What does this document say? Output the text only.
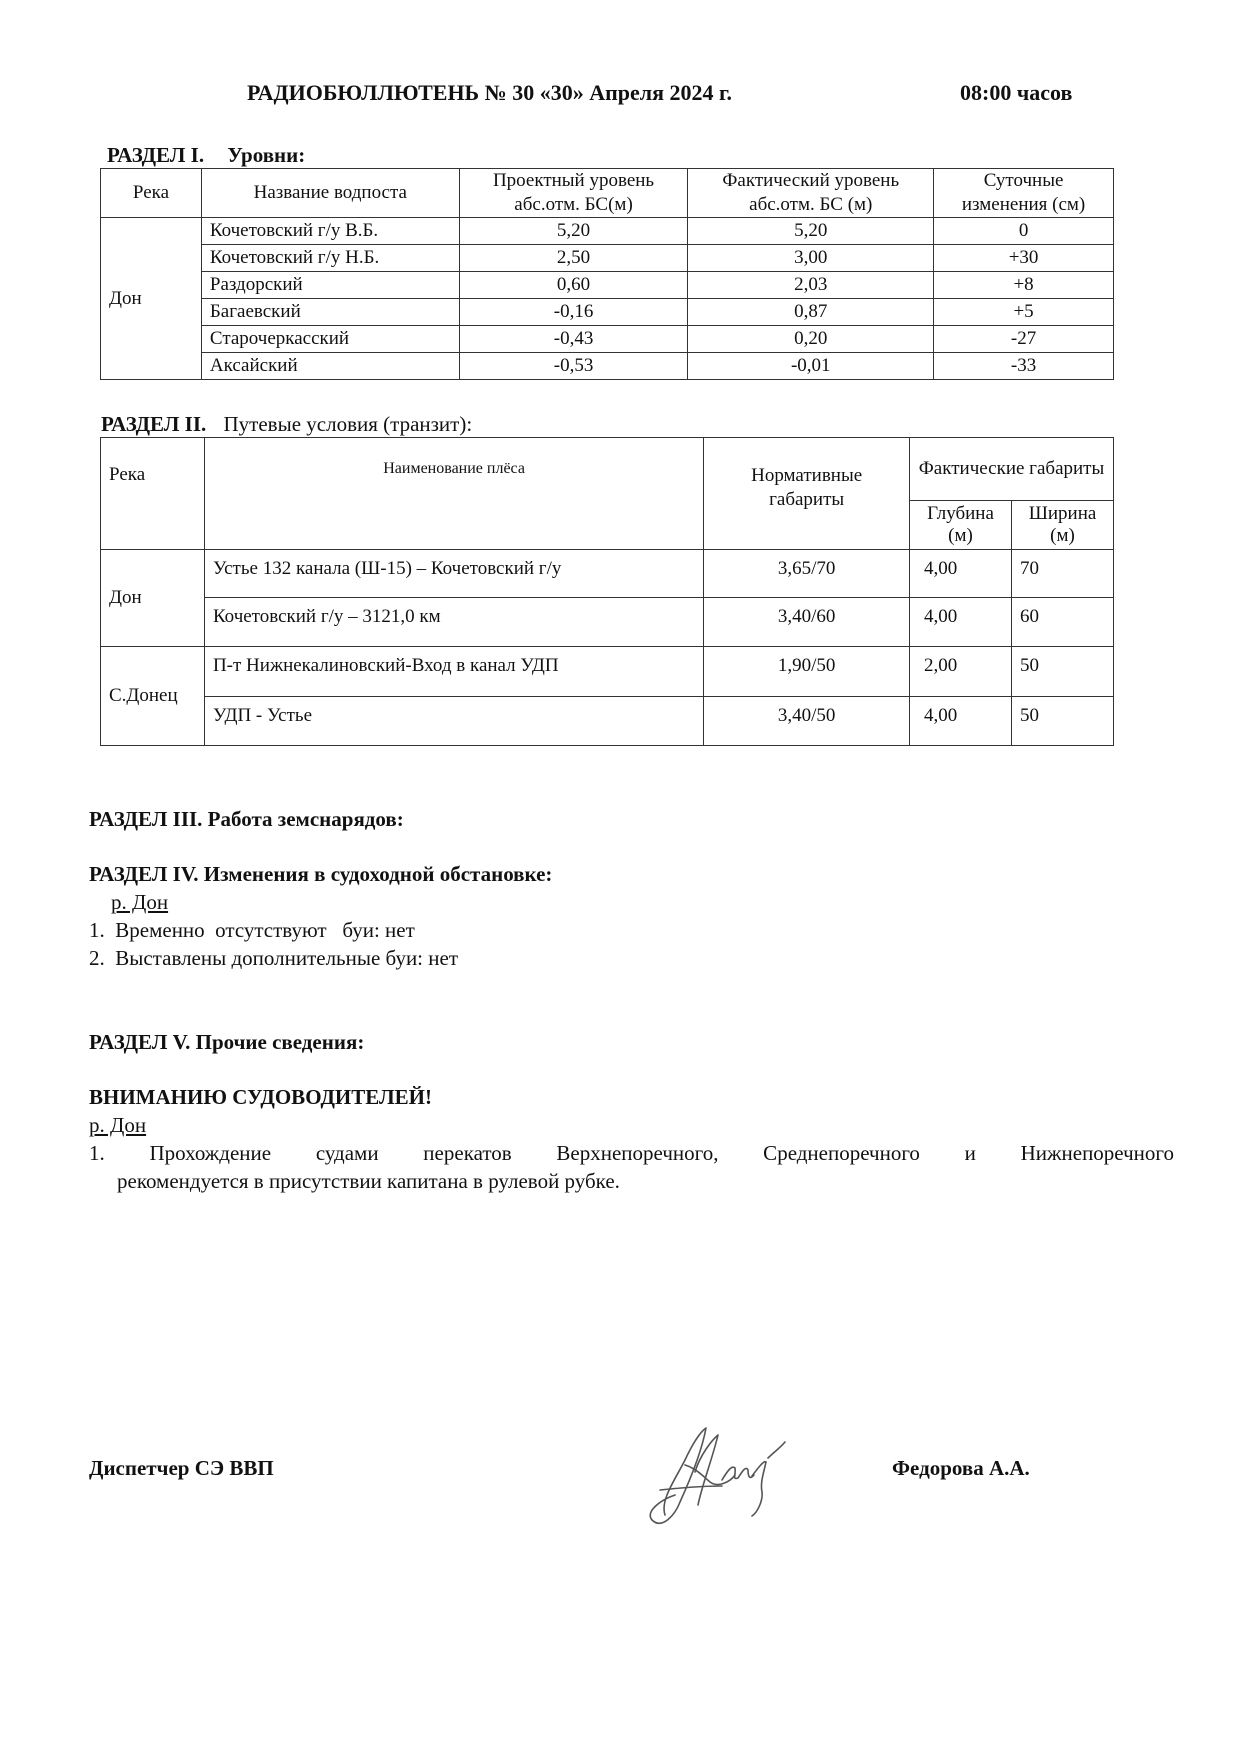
РАДИОБЮЛЛЮТЕНЬ № 30 «30» Апреля 2024 г.	08:00 часов
РАЗДЕЛ I. Уровни:
Река	Название водпоста	Проектный уровень абс.отм. БС(м)	Фактический уровень абс.отм. БС (м)	Суточные изменения (см)
Дон	Кочетовский г/у В.Б.	5,20	5,20	0
	Кочетовский г/у Н.Б.	2,50	3,00	+30
	Раздорский	0,60	2,03	+8
	Багаевский	-0,16	0,87	+5
	Старочеркасский	-0,43	0,20	-27
	Аксайский	-0,53	-0,01	-33
РАЗДЕЛ II. Путевые условия (транзит):
Река	Наименование плёса	Нормативные габариты	Фактические габариты	
			Глубина (м)	Ширина (м)
Дон	Устье 132 канала (Ш-15) – Кочетовский г/у	3,65/70	4,00	70
	Кочетовский г/у – 3121,0 км	3,40/60	4,00	60
С.Донец	П-т Нижнекалиновский-Вход в канал УДП	1,90/50	2,00	50
	УДП - Устье	3,40/50	4,00	50
РАЗДЕЛ III. Работа земснарядов:
РАЗДЕЛ IV. Изменения в судоходной обстановке:
р. Дон
1.  Временно  отсутствуют   буи: нет
2.  Выставлены дополнительные буи: нет
РАЗДЕЛ V. Прочие сведения:
ВНИМАНИЮ СУДОВОДИТЕЛЕЙ!
р. Дон
1. Прохождение судами перекатов Верхнепоречного, Среднепоречного и Нижнепоречного
рекомендуется в присутствии капитана в рулевой рубке.
Диспетчер СЭ ВВП	Федорова А.А.
